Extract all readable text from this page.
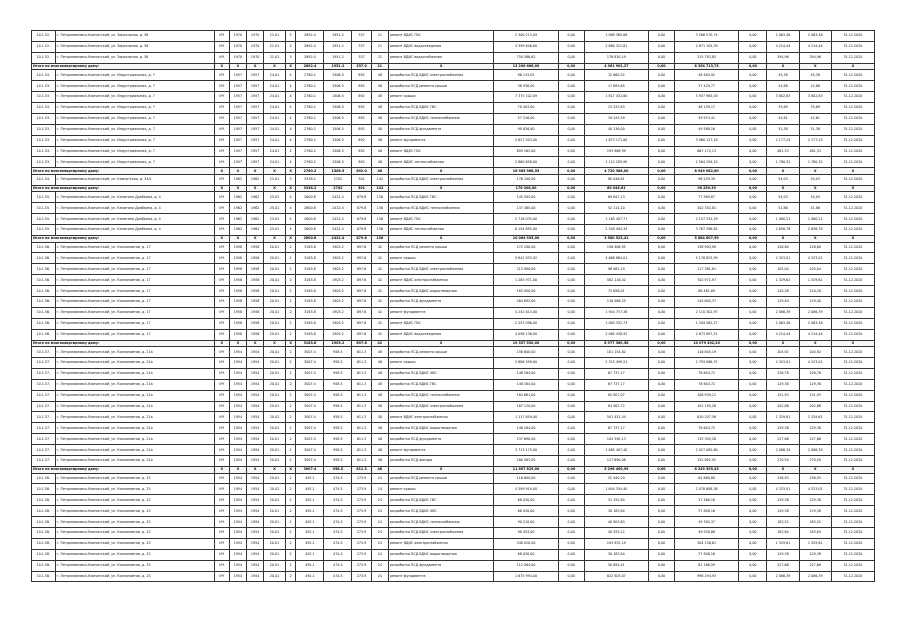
10.1.52.	г. Петропавловск-Камчатский, ул. Зеркальная, д. 58	ИЧ	1970	1970	21.01	5	2892.4	1951.2	337	21	ремонт ВДИС ГВС	2 300 213,09	0,00	1 069 365,86	0,00	3 286 570,74	0,00	2 063,48	2 063,48	31.12.2020
10.1.52.	г. Петропавловск-Камчатский, ул. Зеркальная, д. 58	ИЧ	1970	1970	21.01	5	2892.4	1951.2	337	21	ремонт ВДИС водоотведения	4 399 646,00	0,00	2 680 312,81	0,00	2 871 105,39	0,00	4 214,44	4 214,44	31.12.2020
10.1.52.	г. Петропавловск-Камчатский, ул. Зеркальная, д. 58	ИЧ	1970	1970	21.01	5	2892.4	1951.2	337	21	ремонт ВДИС водоснабжения	750 586,62	0,00	176 830,19	0,00	315 783,85	0,00	394,96	394,96	31.12.2020
Итого по многоквартирному дому:		X	X	X	X	X	2892.4	1951.2	337.0	21	X	13 206 666,00	0,00	4 961 902,27	0,00	8 354 713,73	0,00	X	X	X
10.1.53.	г. Петропавловск-Камчатский, ул. Индустриальная, д. 7	ИЧ	1957	1957	24.01	4	2760.2	1506.5	892	48	разработка ПСД ВДИС электроснабжения	96 133,05	0,00	12 660,32	0,00	48 484,92	0,00	45,38	45,38	31.12.2020
10.1.53.	г. Петропавловск-Камчатский, ул. Индустриальная, д. 7	ИЧ	1957	1957	24.01	4	2760.2	1506.5	892	48	разработка ПСД ремонта крыши	38 936,00	0,00	17 693,65	0,00	37 429,77	0,00	24,88	24,88	31.12.2020
10.1.53.	г. Петропавловск-Камчатский, ул. Индустриальная, д. 7	ИЧ	1957	1957	24.01	4	2760.2	1506.5	892	48	ремонт крыши	7 375 102,09	0,00	1 817 432,80	0,00	5 937 965,05	0,00	3 802,83	3 802,83	31.12.2020
10.1.53.	г. Петропавловск-Камчатский, ул. Индустриальная, д. 7	ИЧ	1957	1957	24.01	4	2760.2	1506.5	892	48	разработка ПСД ВДИС ГВС	70 403,00	0,00	23 243,83	0,00	48 159,17	0,00	35,69	35,69	31.12.2020
10.1.53.	г. Петропавловск-Камчатский, ул. Индустриальная, д. 7	ИЧ	1957	1957	24.01	4	2760.2	1506.5	892	48	разработка ПСД ВДИС теплоснабжения	57 216,00	0,00	19 243,59	0,00	39 974,41	0,00	42,61	42,61	31.12.2020
10.1.53.	г. Петропавловск-Камчатский, ул. Индустриальная, д. 7	ИЧ	1957	1957	24.01	4	2760.2	1506.5	892	48	разработка ПСД фундамента	90 826,00	0,00	40 236,00	0,00	49 588,16	0,00	51,38	51,38	31.12.2020
10.1.53.	г. Петропавловск-Камчатский, ул. Индустриальная, д. 7	ИЧ	1957	1957	24.01	4	2760.2	1506.5	892	48	ремонт фундамента	5 627 503,00	0,00	1 873 171,80	0,00	3 960 127,18	0,00	2 177,25	2 177,25	31.12.2020
10.1.53.	г. Петропавловск-Камчатский, ул. Индустриальная, д. 7	ИЧ	1957	1957	24.01	4	2760.2	1506.5	892	48	ремонт ВДИС ГВС	859 163,00	0,00	193 968,99	0,00	667 172,13	0,00	481,33	481,33	31.12.2020
10.1.53.	г. Петропавловск-Камчатский, ул. Индустриальная, д. 7	ИЧ	1957	1957	24.01	4	2760.2	1506.5	892	48	ремонт ВДИС теплоснабжения	2 860 690,00	0,00	1 112 205,90	0,00	2 564 294,10	0,00	1 780,32	1 780,32	31.12.2020
Итого по многоквартирному дому:		X	X	X	X	X	2760.2	1506.5	892.0	48	X	16 983 968,55	0,00	4 720 386,00	0,00	8 949 062,80	0,00	X	X	X
10.1.54.	г. Петропавловск-Камчатский, ул. Камчатская, д. 34/1	ИЧ	1982	1982	21.01	3	3338.2	2702	301	142	разработка ПСД ВДИС электроснабжения	176 100,00	0,00	80 046,61	0,00	96 259,39	0,00	54,03	54,03	31.12.2020
Итого по многоквартирному дому:		X	X	X	X	X	3338.2	2702	301	142	X	176 306,00	0,00	80 046,61	0,00	96 259,39	0,00	X	X	X
10.1.55.	г. Петропавловск-Камчатский, ул. Капитана Драбкина, д. 4	ИЧ	1962	1962	25.01	4	2600.8	2422.4	879.8	136	разработка ПСД ВДИС ГВС	145 505,00	0,00	69 647,13	0,00	77 569,87	0,00	54,03	54,03	31.12.2020
10.1.55.	г. Петропавловск-Камчатский, ул. Капитана Драбкина, д. 4	ИЧ	1962	1962	25.01	4	2600.8	2422.4	879.8	136	разработка ПСД ВДИС теплоснабжения	137 485,00	0,00	52 114,20	0,00	102 352,81	0,00	51,86	51,86	31.12.2020
10.1.55.	г. Петропавловск-Камчатский, ул. Капитана Драбкина, д. 4	ИЧ	1962	1962	25.01	4	2600.8	2422.4	879.8	136	ремонт ВДИС ГВС	2 718 035,00	0,00	1 165 407,71	0,00	2 157 232,29	0,00	1 060,21	1 060,21	31.12.2020
10.1.55.	г. Петропавловск-Камчатский, ул. Капитана Драбкина, д. 4	ИЧ	1962	1962	25.01	4	2600.8	2422.4	879.8	136	ремонт ВДИС теплоснабжения	6 154 695,00	0,00	2 349 404,35	0,00	3 787 396,62	0,00	2 658,78	2 658,78	31.12.2020
Итого по многоквартирному дому:		X	X	X	X	X	2600.8	2422.4	879.8	136	X	10 064 935,00	0,00	3 580 523,41	0,00	5 884 607,59	0,00	X	X	X
10.1.56.	г. Петропавловск-Камчатский, ул. Космонавтов, д. 17	ИЧ	1958	1958	20.01	2	3163.8	1903.2	897.6	42	разработка ПСД ремонта крыши	272 200,00	0,00	156 408,95	0,00	158 903,90	0,00	126,80	126,80	31.12.2020
10.1.56.	г. Петропавловск-Камчатский, ул. Космонавтов, д. 17	ИЧ	1958	1958	20.01	2	3163.8	1903.2	897.6	42	ремонт крыши	9 841 933,92	0,00	4 668 864,01	0,00	5 176 823,99	0,00	4 323,01	4 323,01	31.12.2020
10.1.56.	г. Петропавловск-Камчатский, ул. Космонавтов, д. 17	ИЧ	1958	1958	20.01	2	3163.8	1903.2	897.6	42	разработка ПСД ВДИС электроснабжения	213 900,00	0,00	96 082,19	0,00	117 381,81	0,00	105,04	105,04	31.12.2020
10.1.56.	г. Петропавловск-Камчатский, ул. Космонавтов, д. 17	ИЧ	1958	1958	20.01	2	3163.8	1903.2	897.6	42	ремонт ВДИС электроснабжения	1 285 971,00	0,00	582 116,42	0,00	702 971,97	0,00	1 329,61	1 329,61	31.12.2020
10.1.56.	г. Петропавловск-Камчатский, ул. Космонавтов, д. 17	ИЧ	1958	1958	20.01	2	3163.8	1903.2	897.6	42	разработка ПСД ВДИС водоотведения	163 950,00	0,00	73 858,01	0,00	88 481,69	0,00	120,26	120,26	31.12.2020
10.1.56.	г. Петропавловск-Камчатский, ул. Космонавтов, д. 17	ИЧ	1958	1958	20.01	2	3163.8	1903.2	897.6	42	разработка ПСД фундамента	264 692,00	0,00	118 086,25	0,00	144 605,37	0,00	129,40	129,40	31.12.2020
10.1.56.	г. Петропавловск-Камчатский, ул. Космонавтов, д. 17	ИЧ	1958	1958	20.01	2	3163.8	1903.2	897.6	42	ремонт фундамента	4 242 614,00	0,00	1 944 757,38	0,00	2 110 302,97	0,00	2 086,39	2 086,39	31.12.2020
10.1.56.	г. Петропавловск-Камчатский, ул. Космонавтов, д. 17	ИЧ	1958	1958	20.01	2	3163.8	1903.2	897.6	42	ремонт ВДИС ГВС	2 253 096,00	0,00	1 063 352,73	0,00	1 204 562,27	0,00	2 063,48	2 063,48	31.12.2020
10.1.56.	г. Петропавловск-Камчатский, ул. Космонавтов, д. 17	ИЧ	1958	1958	20.01	2	3163.8	1903.2	897.6	42	ремонт ВДИС водоотведения	4 096 136,00	0,00	2 065 438,92	0,00	2 673 897,21	0,00	4 214,44	4 214,44	31.12.2020
Итого по многоквартирному дому:		X	X	X	X	X	3163.8	1903.2	897.6	42	X	19 357 530,00	0,00	8 977 360,56	0,00	10 079 302,20	0,00	X	X	X
10.1.57.	г. Петропавловск-Камчатский, ул. Космонавтов, д. 21а	ИЧ	1954	1954	20.01	2	3007.4	958.5	611.3	48	разработка ПСД ремонта крыши	156 600,00	0,00	101 154,82	0,00	116 845,19	0,00	204,92	204,92	31.12.2020
10.1.57.	г. Петропавловск-Камчатский, ул. Космонавтов, д. 21а	ИЧ	1954	1954	20.01	2	3007.4	958.5	611.3	48	ремонт крыши	5 686 399,00	0,00	2 315 499,51	0,00	2 793 066,37	0,00	4 323,01	4 323,01	31.12.2020
10.1.57.	г. Петропавловск-Камчатский, ул. Космонавтов, д. 21а	ИЧ	1954	1954	20.01	2	3007.4	958.5	611.3	48	разработка ПСД ВДИС ХВС	148 164,00	0,00	67 737,17	0,00	78 644,72	0,00	226,78	226,78	31.12.2020
10.1.57.	г. Петропавловск-Камчатский, ул. Космонавтов, д. 21а	ИЧ	1954	1954	20.01	2	3007.4	958.5	611.3	48	разработка ПСД ВДИС ГВС	148 164,00	0,00	67 737,17	0,00	78 644,72	0,00	129,38	129,38	31.12.2020
10.1.57.	г. Петропавловск-Камчатский, ул. Космонавтов, д. 21а	ИЧ	1954	1954	20.01	2	3007.4	958.5	611.3	48	разработка ПСД ВДИС теплоснабжения	184 861,00	0,00	82 907,07	0,00	106 939,21	0,00	151,93	151,93	31.12.2020
10.1.57.	г. Петропавловск-Камчатский, ул. Космонавтов, д. 21а	ИЧ	1954	1954	20.01	2	3007.4	958.5	611.3	48	разработка ПСД ВДИС электроснабжения	187 120,00	0,00	84 902,72	0,00	102 195,28	0,00	202,86	202,86	31.12.2020
10.1.57.	г. Петропавловск-Камчатский, ул. Космонавтов, д. 21а	ИЧ	1954	1954	20.01	2	3007.4	958.5	611.3	48	ремонт ВДИС электроснабжения	1 117 659,00	0,00	507 451,44	0,00	610 207,56	0,00	1 329,61	1 329,61	31.12.2020
10.1.57.	г. Петропавловск-Камчатский, ул. Космонавтов, д. 21а	ИЧ	1954	1954	20.01	2	3007.4	958.5	611.3	48	разработка ПСД ВДИС водоотведения	148 164,00	0,00	67 737,17	0,00	78 644,72	0,00	129,38	129,38	31.12.2020
10.1.57.	г. Петропавловск-Камчатский, ул. Космонавтов, д. 21а	ИЧ	1954	1954	20.01	2	3007.4	958.5	611.3	48	разработка ПСД фундамента	237 690,00	0,00	104 390,13	0,00	135 305,28	0,00	227,66	227,66	31.12.2020
10.1.57.	г. Петропавловск-Камчатский, ул. Космонавтов, д. 21а	ИЧ	1954	1954	20.01	2	3007.4	958.5	611.3	48	ремонт фундамента	3 713 175,00	0,00	1 685 407,40	0,00	2 027 082,60	0,00	2 086,39	2 086,39	31.12.2020
10.1.57.	г. Петропавловск-Камчатский, ул. Космонавтов, д. 21а	ИЧ	1954	1954	20.01	2	3007.4	958.5	611.3	48	разработка ПСД фасада	280 583,00	0,00	127 690,08	0,00	152 892,92	0,00	270,50	270,50	31.12.2020
Итого по многоквартирному дому:		X	X	X	X	X	3007.4	958.5	611.3	48	X	11 607 829,00	0,00	5 296 409,99	0,00	6 243 395,43	0,00	X	X	X
10.1.58.	г. Петропавловск-Камчатский, ул. Космонавтов, д. 25	ИЧ	1954	1954	20.01	2	492.1	474.5	273.9	24	разработка ПСД ремонта крыши	116 600,00	0,00	52 940,20	0,00	62 660,80	0,00	236,93	236,93	31.12.2020
10.1.58.	г. Петропавловск-Камчатский, ул. Космонавтов, д. 25	ИЧ	1954	1954	20.01	2	492.1	474.5	273.9	24	ремонт крыши	4 399 919,00	0,00	1 644 354,40	0,00	2 078 608,36	0,00	4 323,01	4 323,01	31.12.2020
10.1.58.	г. Петропавловск-Камчатский, ул. Космонавтов, д. 25	ИЧ	1954	1954	20.01	2	492.1	474.5	273.9	24	разработка ПСД ВДИС ГВС	68 030,00	0,00	31 192,84	0,00	37 468,16	0,00	129,38	129,38	31.12.2020
10.1.58.	г. Петропавловск-Камчатский, ул. Космонавтов, д. 25	ИЧ	1954	1954	20.01	2	492.1	474.5	273.9	24	разработка ПСД ВДИС ХВС	68 030,00	0,00	30 183,84	0,00	37 848,16	0,00	129,38	129,38	31.12.2020
10.1.58.	г. Петропавловск-Камчатский, ул. Космонавтов, д. 25	ИЧ	1954	1954	20.01	2	492.1	474.5	273.9	24	разработка ПСД ВДИС теплоснабжения	90 210,00	0,00	40 903,63	0,00	49 305,37	0,00	183,52	183,52	31.12.2020
10.1.58.	г. Петропавловск-Камчатский, ул. Космонавтов, д. 25	ИЧ	1954	1954	20.01	2	492.1	474.5	273.9	24	разработка ПСД ВДИС электроснабжения	90 453,00	0,00	40 553,12	0,00	49 930,88	0,00	183,84	183,84	31.12.2020
10.1.58.	г. Петропавловск-Камчатский, ул. Космонавтов, д. 25	ИЧ	1954	1954	20.01	2	492.1	474.5	273.9	24	ремонт ВДИС электроснабжения	548 020,00	0,00	243 932,19	0,00	304 136,61	0,00	1 329,61	1 329,61	31.12.2020
10.1.58.	г. Петропавловск-Камчатский, ул. Космонавтов, д. 25	ИЧ	1954	1954	20.01	2	492.1	474.5	273.9	24	разработка ПСД ВДИС водоотведения	68 030,00	0,00	30 183,84	0,00	37 848,16	0,00	129,38	129,38	31.12.2020
10.1.58.	г. Петропавловск-Камчатский, ул. Космонавтов, д. 25	ИЧ	1954	1954	20.01	2	492.1	474.5	273.9	24	разработка ПСД фундамента	112 064,00	0,00	50 894,41	0,00	61 166,59	0,00	227,66	227,66	31.12.2020
10.1.58.	г. Петропавловск-Камчатский, ул. Космонавтов, д. 25	ИЧ	1954	1954	20.01	2	492.1	474.5	273.9	24	ремонт фундамента	1 675 994,00	0,00	822 503,07	0,00	998 294,93	0,00	2 086,39	2 086,39	31.12.2020
